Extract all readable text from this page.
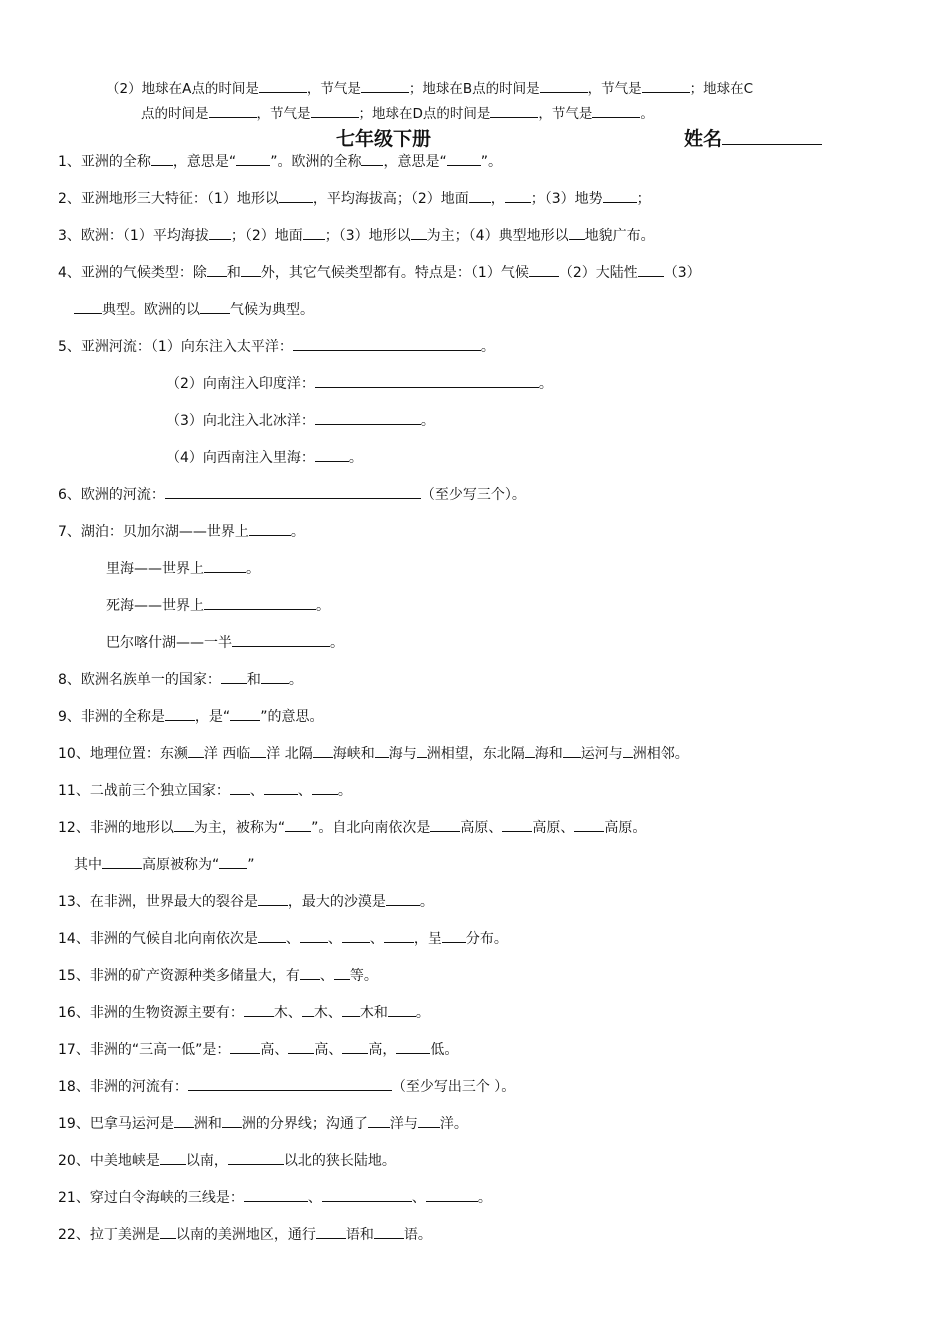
（2）地球在A点的时间是	，节气是	；地球在B点的时间是	，节气是	；地球在C
点的时间是	，节气是	；地球在D点的时间是	，节气是	。
七年级下册	姓名
1、亚洲的全称 ，意思是“ ”。欧洲的全称 ，意思是“ ”。
2、亚洲地形三大特征：（1）地形以 ，平均海拔高；（2）地面 ， ；（3）地势 ；
3、欧洲：（1）平均海拔 ；（2）地面 ；（3）地形以 为主；（4）典型地形以 地貌广布。
4、亚洲的气候类型：除 和 外，其它气候类型都有。特点是：（1）气候 （2）大陆性 （3）
典型。欧洲的以 气候为典型。
5、亚洲河流：（1）向东注入太平洋：	。
（2）向南注入印度洋：	。
（3）向北注入北冰洋：	。
（4）向西南注入里海： 。
6、欧洲的河流：	（至少写三个）。
7、湖泊：贝加尔湖——世界上	。
里海——世界上	。
死海——世界上	。
巴尔喀什湖——一半	。
8、欧洲名族单一的国家： 和 。
9、非洲的全称是 ，是“ ”的意思。
10、地理位置：东濒 洋 西临 洋 北隔 海峡和 海与 洲相望，东北隔 海和 运河与 洲相邻。
11、二战前三个独立国家： 、 、 。
12、非洲的地形以 为主，被称为“ ”。自北向南依次是 高原、 高原、 高原。
其中	高原被称为“ ”
13、在非洲，世界最大的裂谷是 ，最大的沙漠是 。
14、非洲的气候自北向南依次是 、 、 、 ，呈 分布。
15、非洲的矿产资源种类多储量大，有 、 等。
16、非洲的生物资源主要有： 木、 木、 木和 。
17、非洲的“三高一低”是： 高、 高、 高， 低。
18、非洲的河流有：	（至少写出三个 ）。
19、巴拿马运河是 洲和 洲的分界线；沟通了 洋与 洋。
20、中美地峡是 以南，	以北的狭长陆地。
21、穿过白令海峡的三线是：	、	、	。
22、拉丁美洲是 以南的美洲地区，通行 语和 语。
